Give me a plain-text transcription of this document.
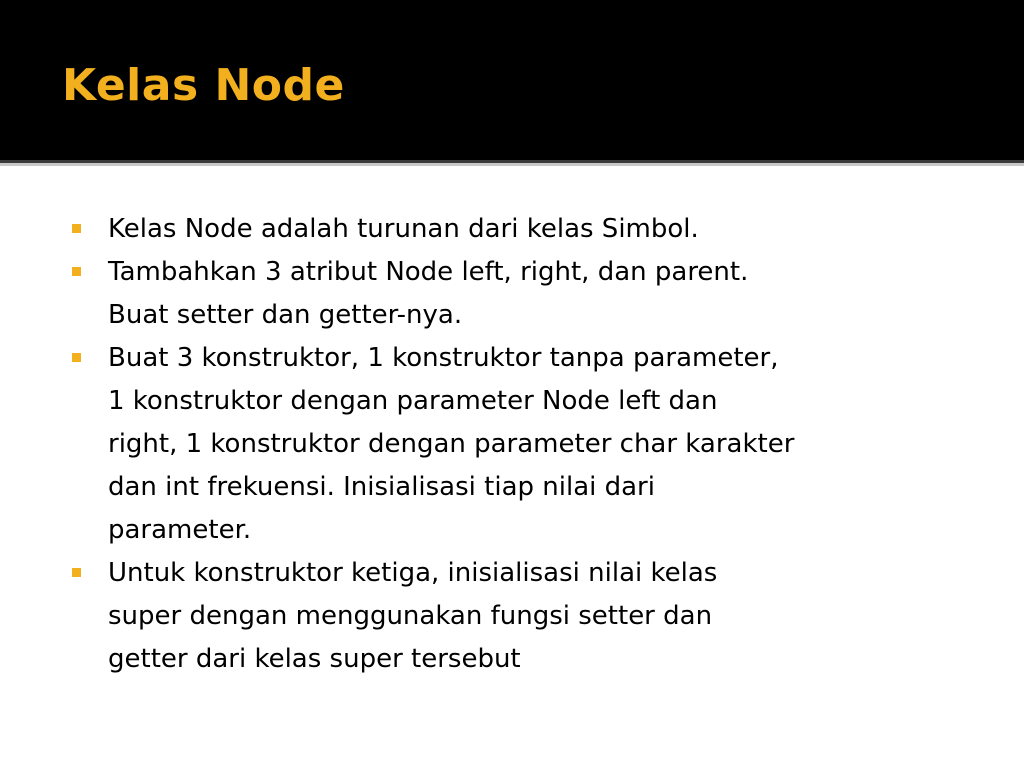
Kelas Node
Kelas Node adalah turunan dari kelas Simbol.
Tambahkan 3 atribut Node left, right, dan parent.
Buat setter dan getter-nya.
Buat 3 konstruktor, 1 konstruktor tanpa parameter,
1 konstruktor dengan parameter Node left dan
right, 1 konstruktor dengan parameter char karakter
dan int frekuensi. Inisialisasi tiap nilai dari
parameter.
Untuk konstruktor ketiga, inisialisasi nilai kelas
super dengan menggunakan fungsi setter dan
getter dari kelas super tersebut
